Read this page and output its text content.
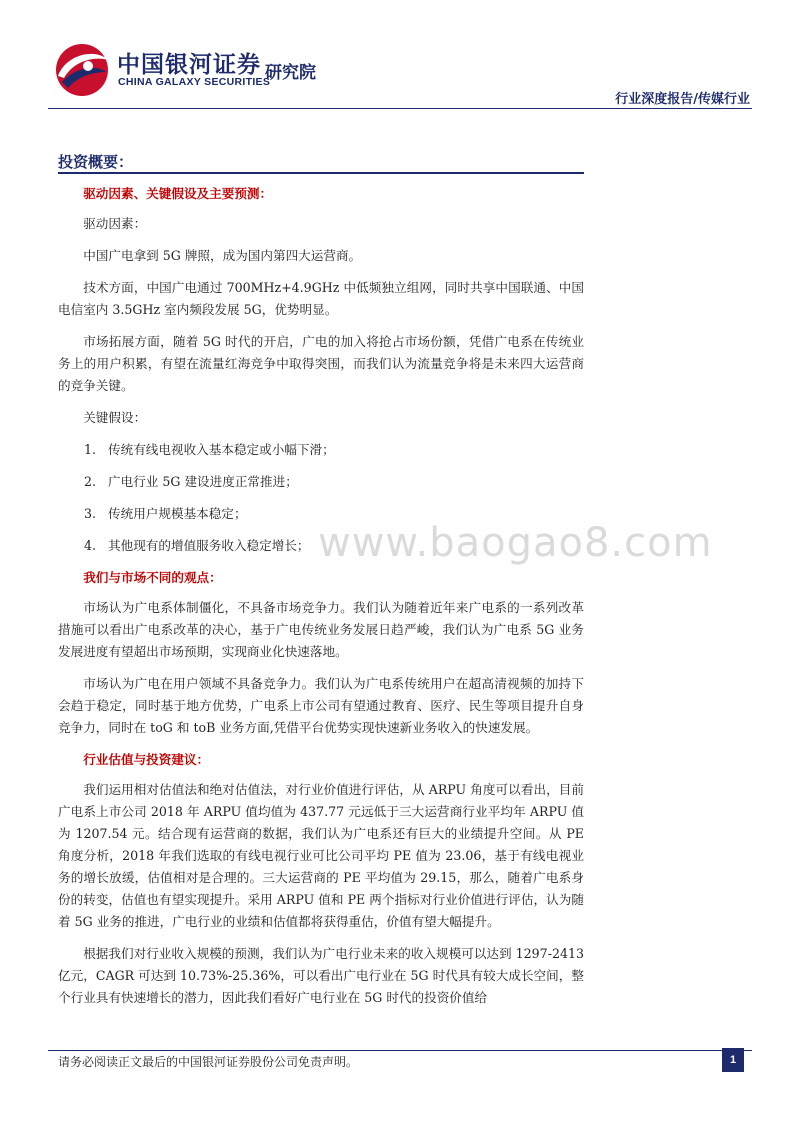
中国银河证券
CHINA GALAXY SECURITIES
研究院
行业深度报告/传媒行业
投资概要：
www.baogao8.com

驱动因素、关键假设及主要预测：

驱动因素：

中国广电拿到 5G 牌照，成为国内第四大运营商。

技术方面，中国广电通过 700MHz+4.9GHz 中低频独立组网，同时共享中国联通、中国电信室内 3.5GHz 室内频段发展 5G，优势明显。

市场拓展方面，随着 5G 时代的开启，广电的加入将抢占市场份额，凭借广电系在传统业务上的用户积累，有望在流量红海竞争中取得突围，而我们认为流量竞争将是未来四大运营商的竞争关键。

关键假设：

1. 传统有线电视收入基本稳定或小幅下滑；

2. 广电行业 5G 建设进度正常推进；

3. 传统用户规模基本稳定；

4. 其他现有的增值服务收入稳定增长；

我们与市场不同的观点：

市场认为广电系体制僵化，不具备市场竞争力。我们认为随着近年来广电系的一系列改革措施可以看出广电系改革的决心，基于广电传统业务发展日趋严峻，我们认为广电系 5G 业务发展进度有望超出市场预期，实现商业化快速落地。

市场认为广电在用户领域不具备竞争力。我们认为广电系传统用户在超高清视频的加持下会趋于稳定，同时基于地方优势，广电系上市公司有望通过教育、医疗、民生等项目提升自身竞争力，同时在 toG 和 toB 业务方面,凭借平台优势实现快速新业务收入的快速发展。

行业估值与投资建议：

我们运用相对估值法和绝对估值法，对行业价值进行评估，从 ARPU 角度可以看出，目前广电系上市公司 2018 年 ARPU 值均值为 437.77 元远低于三大运营商行业平均年 ARPU 值为 1207.54 元。结合现有运营商的数据，我们认为广电系还有巨大的业绩提升空间。从 PE 角度分析，2018 年我们选取的有线电视行业可比公司平均 PE 值为 23.06，基于有线电视业务的增长放缓，估值相对是合理的。三大运营商的 PE 平均值为 29.15，那么，随着广电系身份的转变，估值也有望实现提升。采用 ARPU 值和 PE 两个指标对行业价值进行评估，认为随着 5G 业务的推进，广电行业的业绩和估值都将获得重估，价值有望大幅提升。

根据我们对行业收入规模的预测，我们认为广电行业未来的收入规模可以达到 1297-2413 亿元，CAGR 可达到 10.73%-25.36%，可以看出广电行业在 5G 时代具有较大成长空间，整个行业具有快速增长的潜力，因此我们看好广电行业在 5G 时代的投资价值给

请务必阅读正文最后的中国银河证券股份公司免责声明。	1
